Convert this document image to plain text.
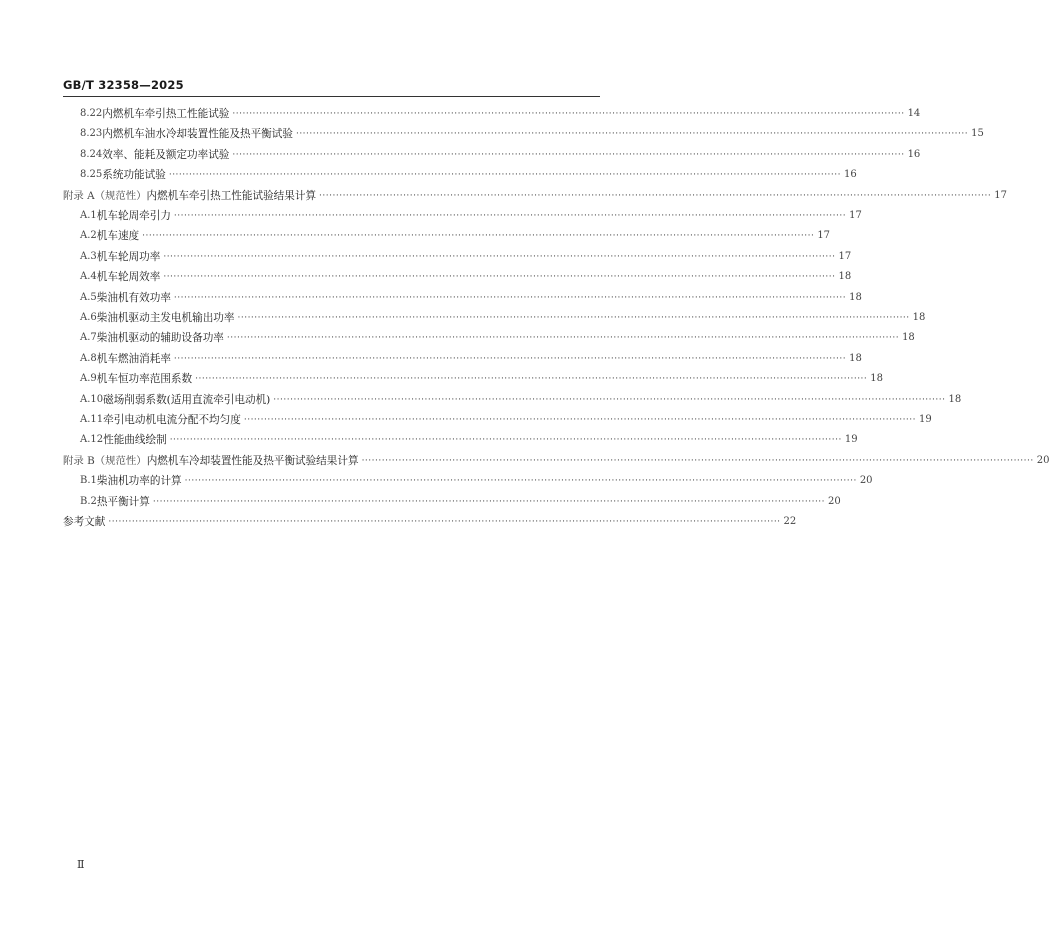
GB/T 32358—2025
8.22 内燃机车牵引热工性能试验 ········································································································································································································ 14
8.23 内燃机车油水冷却装置性能及热平衡试验 ········································································································································································································ 15
8.24 效率、能耗及额定功率试验 ········································································································································································································ 16
8.25 系统功能试验 ········································································································································································································ 16
附录 A（规范性） 内燃机车牵引热工性能试验结果计算 ········································································································································································································ 17
A.1 机车轮周牵引力 ········································································································································································································ 17
A.2 机车速度 ········································································································································································································ 17
A.3 机车轮周功率 ········································································································································································································ 17
A.4 机车轮周效率 ········································································································································································································ 18
A.5 柴油机有效功率 ········································································································································································································ 18
A.6 柴油机驱动主发电机输出功率 ········································································································································································································ 18
A.7 柴油机驱动的辅助设备功率 ········································································································································································································ 18
A.8 机车燃油消耗率 ········································································································································································································ 18
A.9 机车恒功率范围系数 ········································································································································································································ 18
A.10 磁场削弱系数(适用直流牵引电动机) ········································································································································································································ 18
A.11 牵引电动机电流分配不均匀度 ········································································································································································································ 19
A.12 性能曲线绘制 ········································································································································································································ 19
附录 B（规范性） 内燃机车冷却装置性能及热平衡试验结果计算 ········································································································································································································ 20
B.1 柴油机功率的计算 ········································································································································································································ 20
B.2 热平衡计算 ········································································································································································································ 20
参考文献 ········································································································································································································ 22
Ⅱ
